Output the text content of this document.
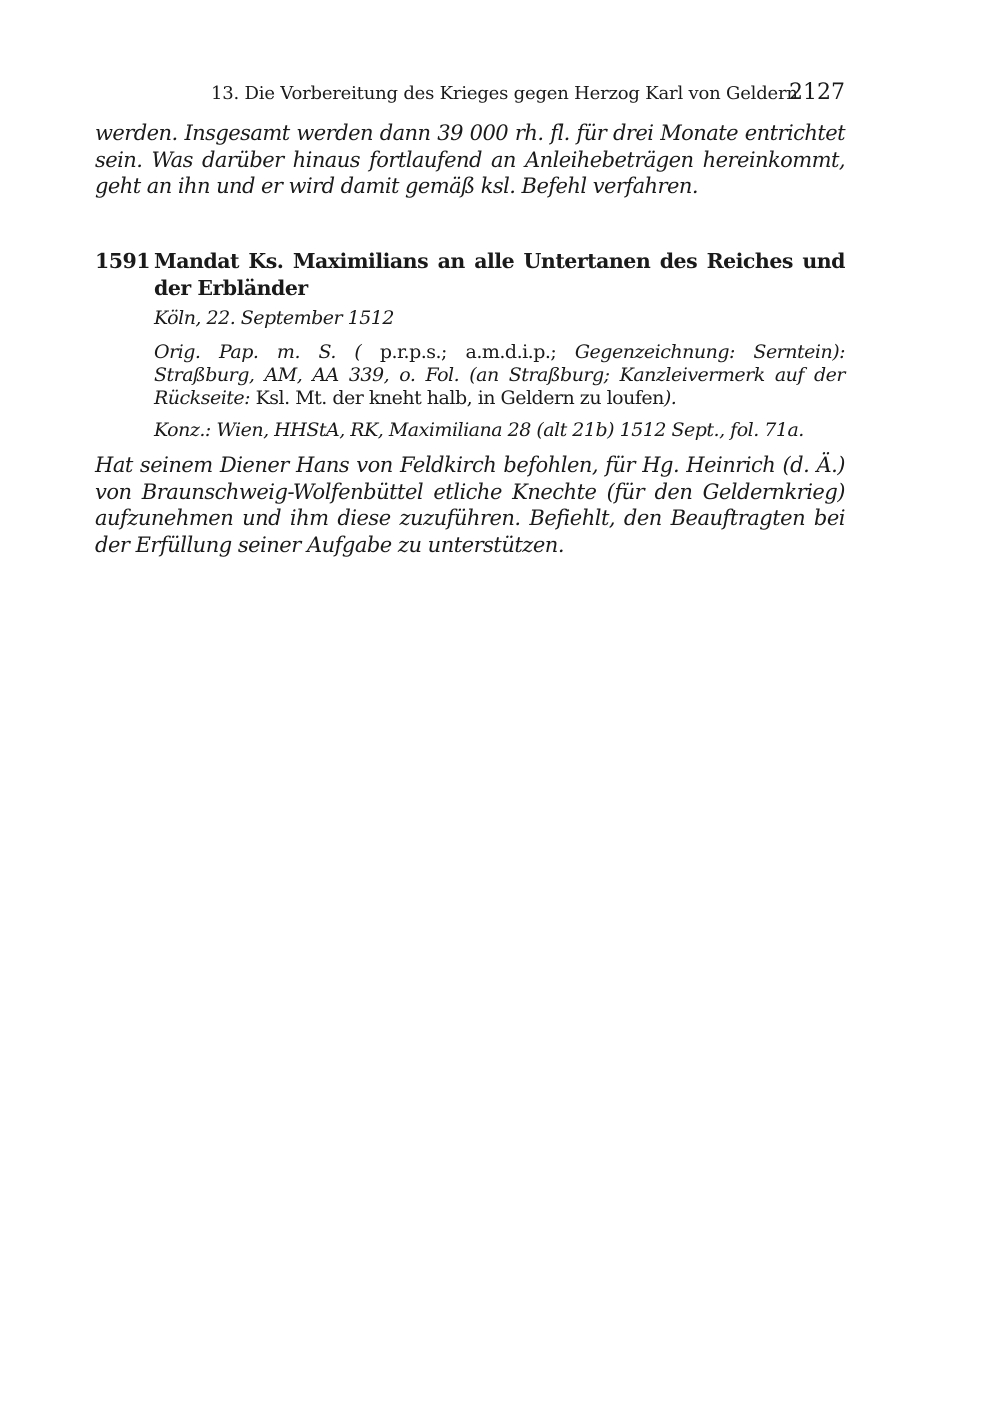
13. Die Vorbereitung des Krieges gegen Herzog Karl von Geldern
2127

werden. Insgesamt werden dann 39 000 rh. fl. für drei Monate entrichtet sein. Was darüber hinaus fortlaufend an Anleihebeträgen hereinkommt, geht an ihn und er wird damit gemäß ksl. Befehl verfahren.

1591 Mandat Ks. Maximilians an alle Untertanen des Reiches und der Erbländer

Köln, 22. September 1512

Orig. Pap. m. S. ( p.r.p.s.; a.m.d.i.p.; Gegenzeichnung: Serntein): Straßburg, AM, AA 339, o. Fol. (an Straßburg; Kanzleivermerk auf der Rückseite: Ksl. Mt. der kneht halb, in Geldern zu loufen).

Konz.: Wien, HHStA, RK, Maximiliana 28 (alt 21b) 1512 Sept., fol. 71a.

Hat seinem Diener Hans von Feldkirch befohlen, für Hg. Heinrich (d. Ä.) von Braunschweig-Wolfenbüttel etliche Knechte (für den Geldernkrieg) aufzunehmen und ihm diese zuzuführen. Befiehlt, den Beauftragten bei der Erfüllung seiner Aufgabe zu unterstützen.
